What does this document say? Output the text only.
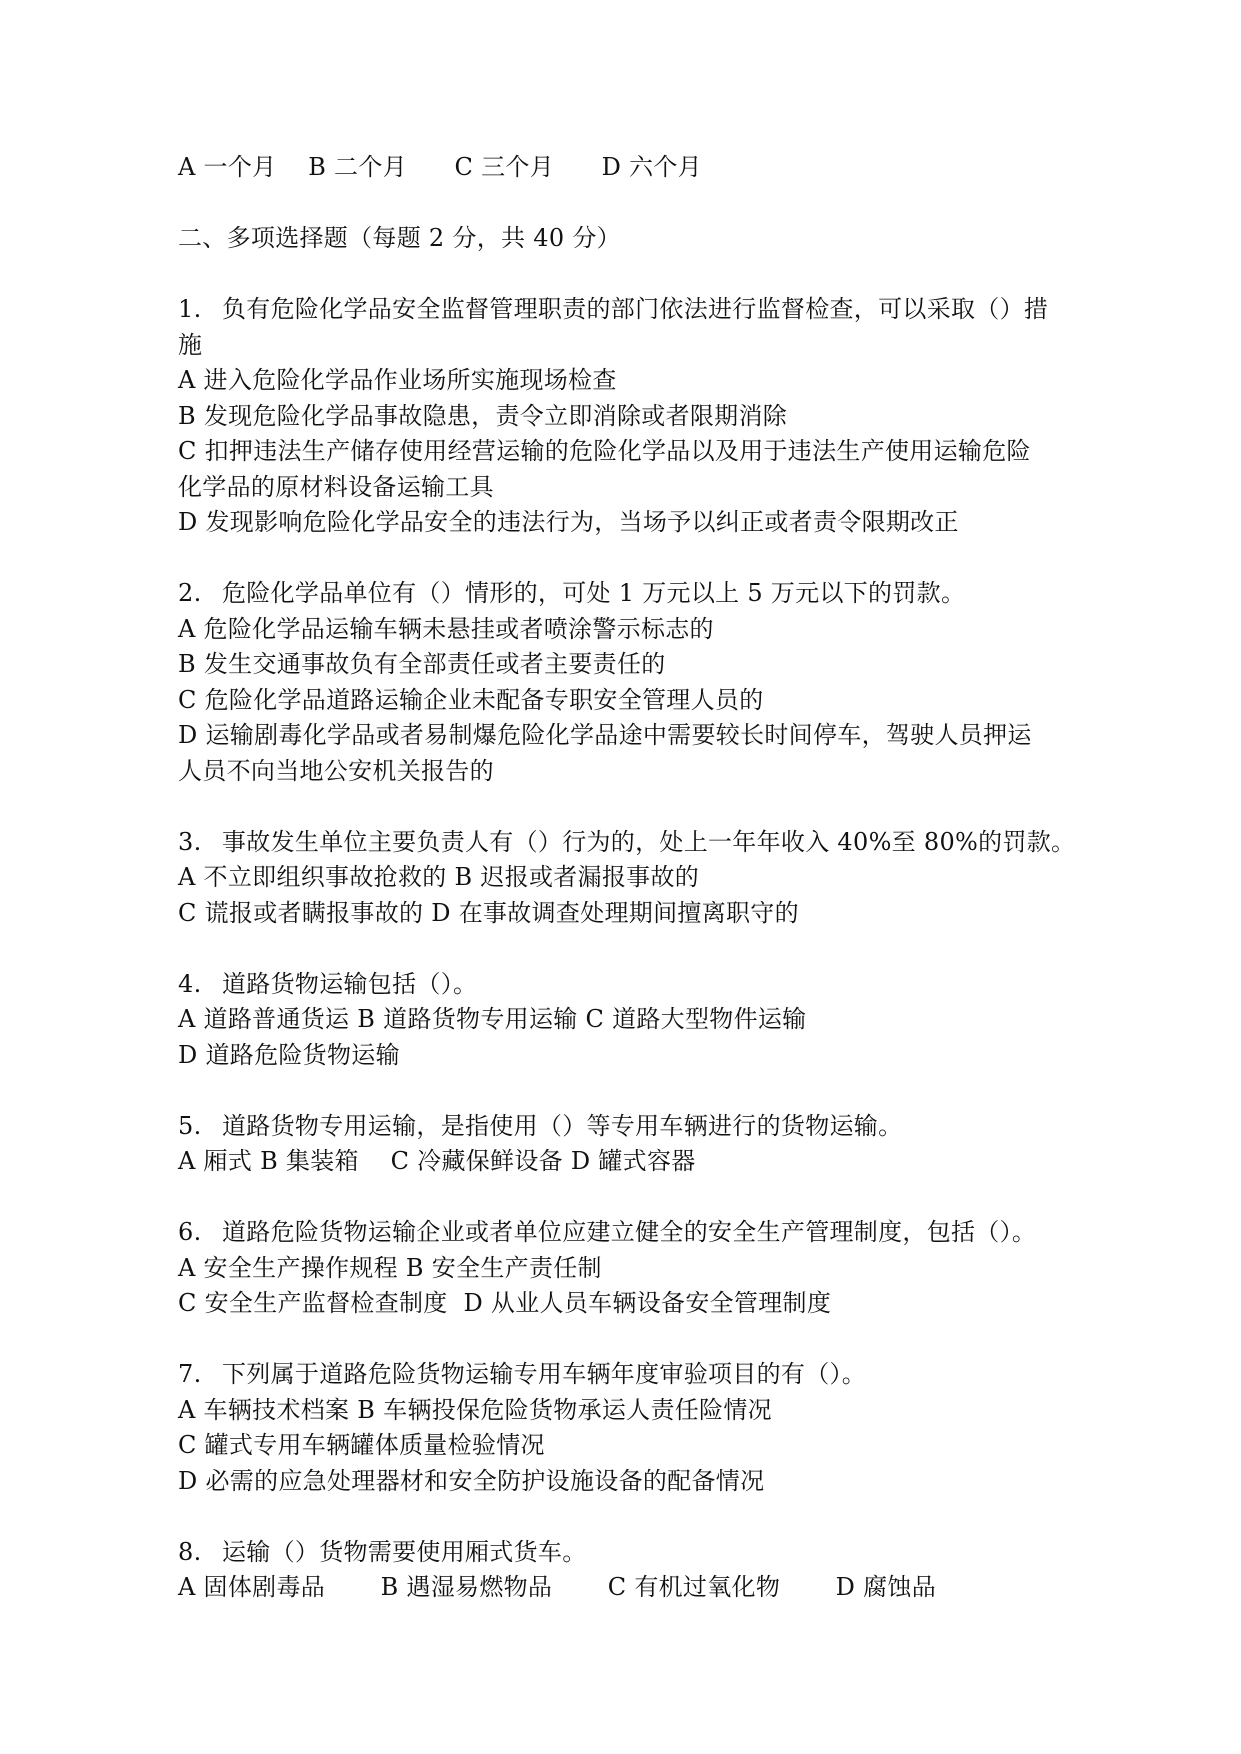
A 一个月 B 二个月 C 三个月 D 六个月
二、多项选择题（每题 2 分，共 40 分）
1. 负有危险化学品安全监督管理职责的部门依法进行监督检查，可以采取（）措
施
A 进入危险化学品作业场所实施现场检查
B 发现危险化学品事故隐患，责令立即消除或者限期消除
C 扣押违法生产储存使用经营运输的危险化学品以及用于违法生产使用运输危险
化学品的原材料设备运输工具
D 发现影响危险化学品安全的违法行为，当场予以纠正或者责令限期改正
2. 危险化学品单位有（）情形的，可处 1 万元以上 5 万元以下的罚款。
A 危险化学品运输车辆未悬挂或者喷涂警示标志的
B 发生交通事故负有全部责任或者主要责任的
C 危险化学品道路运输企业未配备专职安全管理人员的
D 运输剧毒化学品或者易制爆危险化学品途中需要较长时间停车，驾驶人员押运
人员不向当地公安机关报告的
3. 事故发生单位主要负责人有（）行为的，处上一年年收入 40%至 80%的罚款。
A 不立即组织事故抢救的 B 迟报或者漏报事故的
C 谎报或者瞒报事故的 D 在事故调查处理期间擅离职守的
4. 道路货物运输包括（）。
A 道路普通货运 B 道路货物专用运输 C 道路大型物件运输
D 道路危险货物运输
5. 道路货物专用运输，是指使用（）等专用车辆进行的货物运输。
A 厢式 B 集装箱    C 冷藏保鲜设备 D 罐式容器
6. 道路危险货物运输企业或者单位应建立健全的安全生产管理制度，包括（）。
A 安全生产操作规程 B 安全生产责任制
C 安全生产监督检查制度  D 从业人员车辆设备安全管理制度
7. 下列属于道路危险货物运输专用车辆年度审验项目的有（）。
A 车辆技术档案 B 车辆投保危险货物承运人责任险情况
C 罐式专用车辆罐体质量检验情况
D 必需的应急处理器材和安全防护设施设备的配备情况
8. 运输（）货物需要使用厢式货车。
A 固体剧毒品       B 遇湿易燃物品       C 有机过氧化物       D 腐蚀品
